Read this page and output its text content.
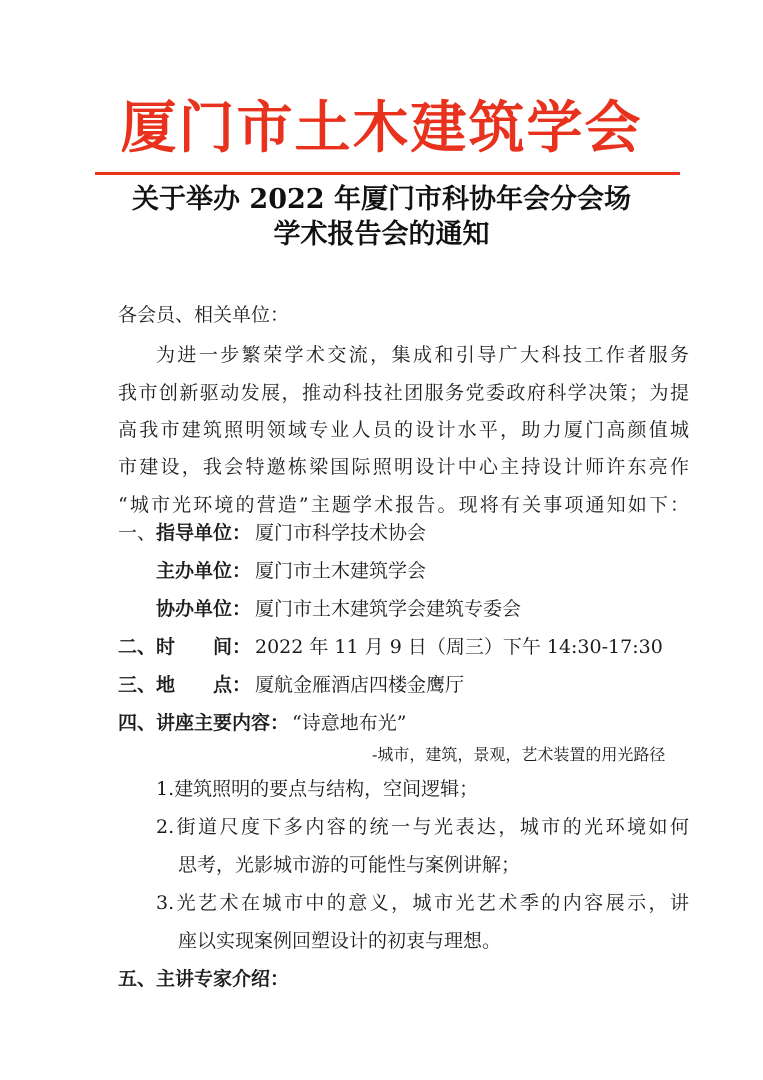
厦门市土木建筑学会
关于举办 2022 年厦门市科协年会分会场
学术报告会的通知
各会员、相关单位：
为进一步繁荣学术交流，集成和引导广大科技工作者服务
我市创新驱动发展，推动科技社团服务党委政府科学决策；为提
高我市建筑照明领域专业人员的设计水平，助力厦门高颜值城
市建设，我会特邀栋梁国际照明设计中心主持设计师许东亮作
“城市光环境的营造”主题学术报告。现将有关事项通知如下：
一、 指导单位： 厦门市科学技术协会
主办单位： 厦门市土木建筑学会
协办单位： 厦门市土木建筑学会建筑专委会
二、 时　　间： 2022 年 11 月 9 日（周三）下午 14:30-17:30
三、 地　　点： 厦航金雁酒店四楼金鹰厅
四、 讲座主要内容： “诗意地布光”
-城市，建筑，景观，艺术装置的用光路径
1.建筑照明的要点与结构，空间逻辑；
2.街道尺度下多内容的统一与光表达，城市的光环境如何
思考，光影城市游的可能性与案例讲解；
3.光艺术在城市中的意义，城市光艺术季的内容展示，讲
座以实现案例回塑设计的初衷与理想。
五、 主讲专家介绍：
